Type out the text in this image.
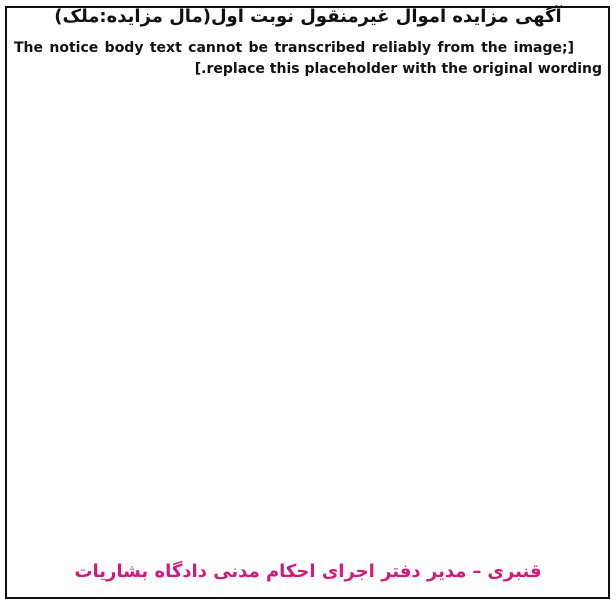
آگهی مزایده اموال غیرمنقول نوبت اول(مال مزایده:ملک)

[The notice body text cannot be transcribed reliably from the image; replace this placeholder with the original wording.]

قنبری–مدیر دفتر اجرای احکام مدنی دادگاه بشاریات
